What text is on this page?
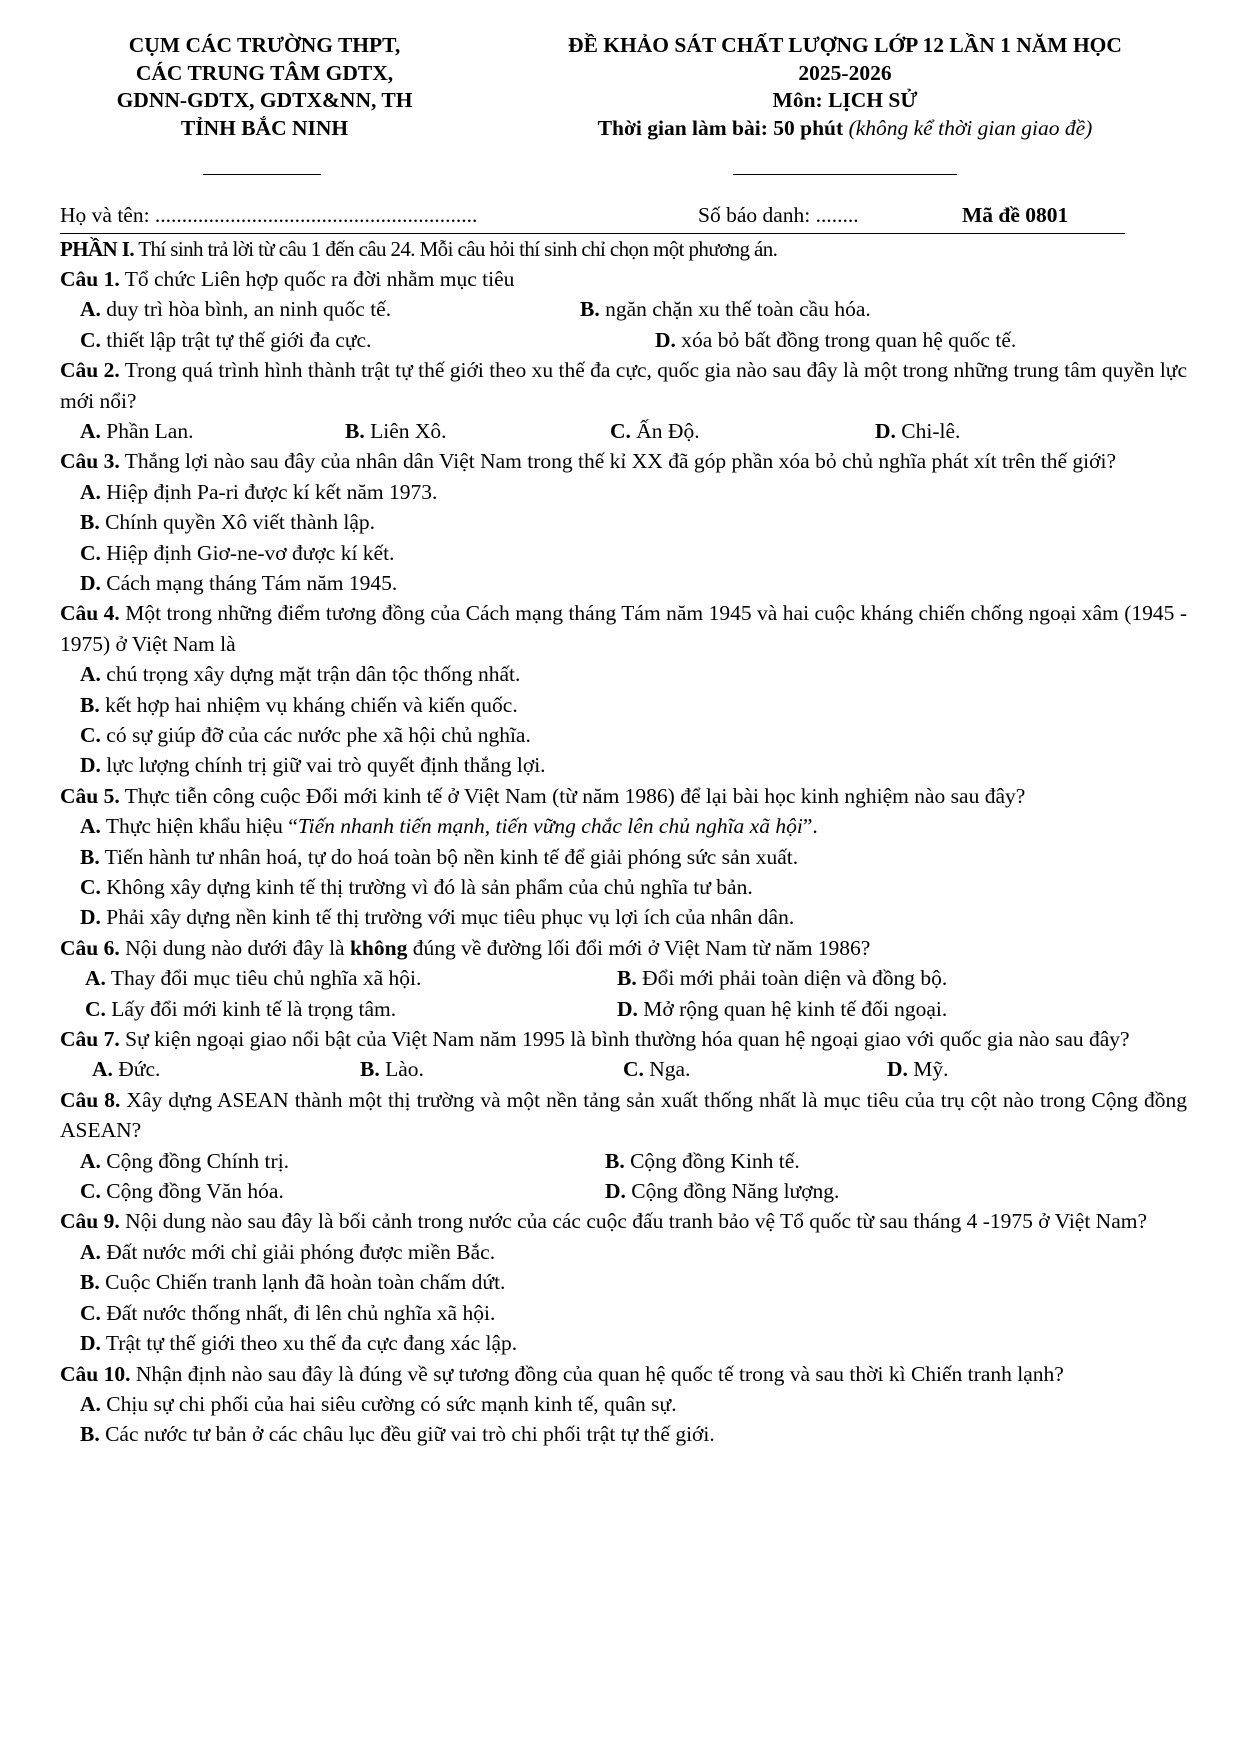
CỤM CÁC TRƯỜNG THPT,
CÁC TRUNG TÂM GDTX,
GDNN-GDTX, GDTX&NN, TH
TỈNH BẮC NINH
ĐỀ KHẢO SÁT CHẤT LƯỢNG LỚP 12 LẦN 1 NĂM HỌC
2025-2026
Môn: LỊCH SỬ
Thời gian làm bài: 50 phút (không kể thời gian giao đề)
Họ và tên: ............................................................	Số báo danh: ........	Mã đề 0801
PHẦN I. Thí sinh trả lời từ câu 1 đến câu 24. Mỗi câu hỏi thí sinh chỉ chọn một phương án.
Câu 1. Tổ chức Liên hợp quốc ra đời nhằm mục tiêu
A. duy trì hòa bình, an ninh quốc tế.	B. ngăn chặn xu thế toàn cầu hóa.
C. thiết lập trật tự thế giới đa cực.	D. xóa bỏ bất đồng trong quan hệ quốc tế.
Câu 2. Trong quá trình hình thành trật tự thế giới theo xu thế đa cực, quốc gia nào sau đây là một trong những trung tâm quyền lực mới nổi?
A. Phần Lan.	B. Liên Xô.	C. Ấn Độ.	D. Chi-lê.
Câu 3. Thắng lợi nào sau đây của nhân dân Việt Nam trong thế kỉ XX đã góp phần xóa bỏ chủ nghĩa phát xít trên thế giới?
A. Hiệp định Pa-ri được kí kết năm 1973.
B. Chính quyền Xô viết thành lập.
C. Hiệp định Giơ-ne-vơ được kí kết.
D. Cách mạng tháng Tám năm 1945.
Câu 4. Một trong những điểm tương đồng của Cách mạng tháng Tám năm 1945 và hai cuộc kháng chiến chống ngoại xâm (1945 - 1975) ở Việt Nam là
A. chú trọng xây dựng mặt trận dân tộc thống nhất.
B. kết hợp hai nhiệm vụ kháng chiến và kiến quốc.
C. có sự giúp đỡ của các nước phe xã hội chủ nghĩa.
D. lực lượng chính trị giữ vai trò quyết định thắng lợi.
Câu 5. Thực tiễn công cuộc Đổi mới kinh tế ở Việt Nam (từ năm 1986) để lại bài học kinh nghiệm nào sau đây?
A. Thực hiện khẩu hiệu “Tiến nhanh tiến mạnh, tiến vững chắc lên chủ nghĩa xã hội”.
B. Tiến hành tư nhân hoá, tự do hoá toàn bộ nền kinh tế để giải phóng sức sản xuất.
C. Không xây dựng kinh tế thị trường vì đó là sản phẩm của chủ nghĩa tư bản.
D. Phải xây dựng nền kinh tế thị trường với mục tiêu phục vụ lợi ích của nhân dân.
Câu 6. Nội dung nào dưới đây là không đúng về đường lối đổi mới ở Việt Nam từ năm 1986?
A. Thay đổi mục tiêu chủ nghĩa xã hội.	B. Đổi mới phải toàn diện và đồng bộ.
C. Lấy đổi mới kinh tế là trọng tâm.	D. Mở rộng quan hệ kinh tế đối ngoại.
Câu 7. Sự kiện ngoại giao nổi bật của Việt Nam năm 1995 là bình thường hóa quan hệ ngoại giao với quốc gia nào sau đây?
A. Đức.	B. Lào.	C. Nga.	D. Mỹ.
Câu 8. Xây dựng ASEAN thành một thị trường và một nền tảng sản xuất thống nhất là mục tiêu của trụ cột nào trong Cộng đồng ASEAN?
A. Cộng đồng Chính trị.	B. Cộng đồng Kinh tế.
C. Cộng đồng Văn hóa.	D. Cộng đồng Năng lượng.
Câu 9. Nội dung nào sau đây là bối cảnh trong nước của các cuộc đấu tranh bảo vệ Tổ quốc từ sau tháng 4 -1975 ở Việt Nam?
A. Đất nước mới chỉ giải phóng được miền Bắc.
B. Cuộc Chiến tranh lạnh đã hoàn toàn chấm dứt.
C. Đất nước thống nhất, đi lên chủ nghĩa xã hội.
D. Trật tự thế giới theo xu thế đa cực đang xác lập.
Câu 10. Nhận định nào sau đây là đúng về sự tương đồng của quan hệ quốc tế trong và sau thời kì Chiến tranh lạnh?
A. Chịu sự chi phối của hai siêu cường có sức mạnh kinh tế, quân sự.
B. Các nước tư bản ở các châu lục đều giữ vai trò chi phối trật tự thế giới.
